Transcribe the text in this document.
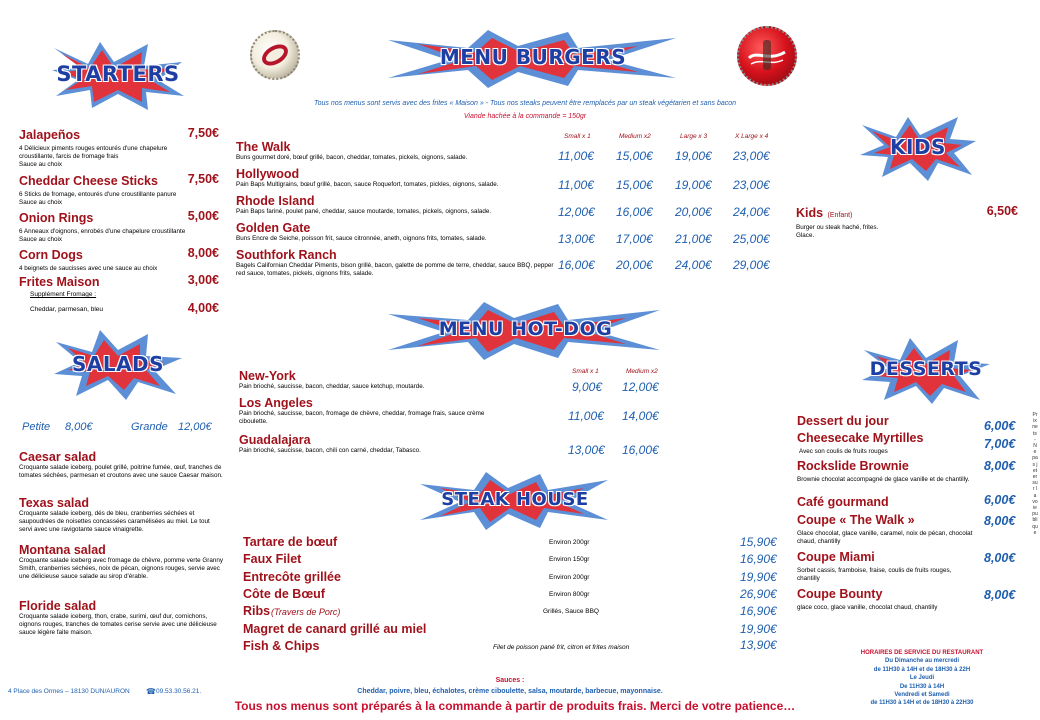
STARTERS
MENU BURGERS
Tous nos menus sont servis avec des frites « Maison » - Tous nos steaks peuvent être remplacés par un steak végétarien et sans bacon
Viande hachée à la commande = 150gr
Jalapeños	7,50€
4 Délicieux piments rouges entourés d'une chapelure croustillante, farcis de fromage frais
Sauce au choix
Cheddar Cheese Sticks 7,50€
6 Sticks de fromage, entourés d'une croustillante panure
Sauce au choix
Onion Rings	5,00€
6 Anneaux d'oignons, enrobés d'une chapelure croustillante
Sauce au choix
Corn Dogs	8,00€
4 beignets de saucisses avec une sauce au choix
Frites Maison	3,00€
Supplément Fromage :
Cheddar, parmesan, bleu	4,00€
Small x 1	Medium x2	Large x 3	X Large x 4
The Walk
Buns gourmet doré, bœuf grillé, bacon, cheddar, tomates, pickels, oignons, salade.	11,00€ 15,00€ 19,00€ 23,00€
Hollywood
Pain Baps Multigrains, bœuf grillé, bacon, sauce Roquefort, tomates, pickles, oignons, salade.	11,00€ 15,00€ 19,00€ 23,00€
Rhode Island
Pain Baps fariné, poulet pané, cheddar, sauce moutarde, tomates, pickels, oignons, salade.	12,00€ 16,00€ 20,00€ 24,00€
Golden Gate
Buns Encre de Seiche, poisson frit, sauce citronnée, aneth, oignons frits, tomates, salade.	13,00€ 17,00€ 21,00€ 25,00€
Southfork Ranch
Bagels Californian Cheddar Piments, bison grillé, bacon, galette de pomme de terre, cheddar, sauce BBQ, pepper red sauce, tomates, pickels, oignons frits, salade.
16,00€ 20,00€ 24,00€ 29,00€
KIDS
Kids (Enfant)	6,50€
Burger ou steak haché, frites.
Glace.
SALADS
Petite 8,00€	Grande 12,00€
Caesar salad
Croquante salade iceberg, poulet grillé, poitrine fumée, œuf, tranches de tomates séchées, parmesan et croutons avec une sauce Caesar maison.
Texas salad
Croquante salade iceberg, dés de bleu, cranberries séchées et saupoudrées de noisettes concassées caramélisées au miel. Le tout servi avec une ravigotante sauce vinaigrette.
Montana salad
Croquante salade iceberg avec fromage de chèvre, pomme verte Granny Smith, cranberries séchées, noix de pécan, oignons rouges, servie avec une délicieuse sauce salade au sirop d'érable.
Floride salad
Croquante salade iceberg, thon, crabe, surimi, œuf dur, cornichons, oignons rouges, tranches de tomates cerise servie avec une délicieuse sauce légère faite maison.
MENU HOT-DOG
Small x 1	Medium x2
New-York
Pain brioché, saucisse, bacon, cheddar, sauce ketchup, moutarde.	9,00€ 12,00€
Los Angeles
Pain brioché, saucisse, bacon, fromage de chèvre, cheddar, fromage frais, sauce crème ciboulette.	11,00€ 14,00€
Guadalajara
Pain brioché, saucisse, bacon, chili con carné, cheddar, Tabasco.	13,00€ 16,00€
DESSERTS
Dessert du jour	6,00€
Cheesecake Myrtilles	7,00€
Avec son coulis de fruits rouges
Rockslide Brownie	8,00€
Brownie chocolat accompagné de glace vanille et de chantilly.
Café gourmand	6,00€
Coupe « The Walk »	8,00€
Glace chocolat, glace vanille, caramel, noix de pécan, chocolat chaud, chantilly
Coupe Miami	8,00€
Sorbet cassis, framboise, fraise, coulis de fruits rouges, chantilly
Coupe Bounty	8,00€
glace coco, glace vanille, chocolat chaud, chantilly
Prix nets - Ne pas jeter sur la voie publique
STEAK HOUSE
Tartare de bœuf	Environ 200gr	15,90€
Faux Filet	Environ 150gr	16,90€
Entrecôte grillée	Environ 200gr	19,90€
Côte de Bœuf	Environ 800gr	26,90€
Ribs (Travers de Porc)	Grillés, Sauce BBQ	16,90€
Magret de canard grillé au miel	19,90€
Fish & Chips	Filet de poisson pané frit, citron et frites maison	13,90€
HORAIRES DE SERVICE DU RESTAURANT
Du Dimanche au mercredi
de 11H30 à 14H et de 18H30 à 22H
Le Jeudi
De 11H30 à 14H
Vendredi et Samedi
de 11H30 à 14H et de 18H30 à 22H30
4 Place des Ormes – 18130 DUN/AURON ☎ 09.53.30.56.21.
Sauces :
Cheddar, poivre, bleu, échalotes, crème ciboulette, salsa, moutarde, barbecue, mayonnaise.
Tous nos menus sont préparés à la commande à partir de produits frais. Merci de votre patience…
